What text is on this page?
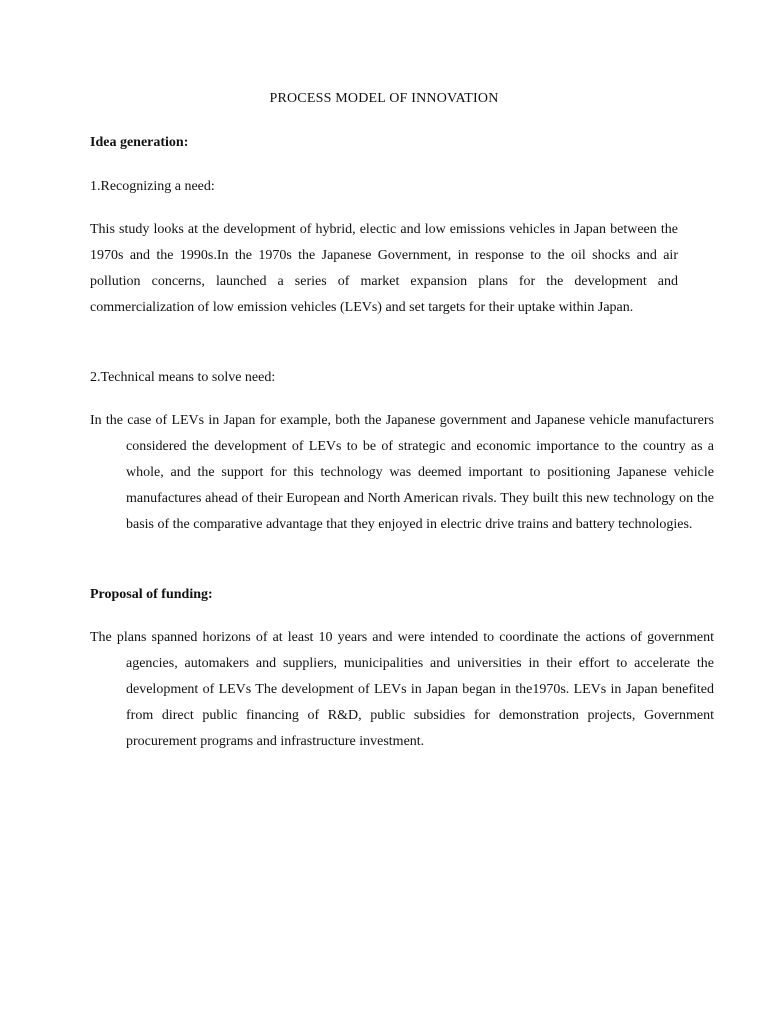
PROCESS MODEL OF INNOVATION
Idea generation:
1.Recognizing a need:

This study looks at the development of hybrid, electic and low emissions vehicles in Japan between the 1970s and the 1990s.In the 1970s the Japanese Government, in response to the oil shocks and air pollution concerns, launched a series of market expansion plans for the development and commercialization of low emission vehicles (LEVs) and set targets for their uptake within Japan.

2.Technical means to solve need:

In the case of LEVs in Japan for example, both the Japanese government and Japanese vehicle manufacturers considered the development of LEVs to be of strategic and economic importance to the country as a whole, and the support for this technology was deemed important to positioning Japanese vehicle manufactures ahead of their European and North American rivals. They built this new technology on the basis of the comparative advantage that they enjoyed in electric drive trains and battery technologies.

Proposal of funding:

The plans spanned horizons of at least 10 years and were intended to coordinate the actions of government agencies, automakers and suppliers, municipalities and universities in their effort to accelerate the development of LEVs The development of LEVs in Japan began in the1970s. LEVs in Japan benefited from direct public financing of R&D, public subsidies for demonstration projects, Government procurement programs and infrastructure investment.
